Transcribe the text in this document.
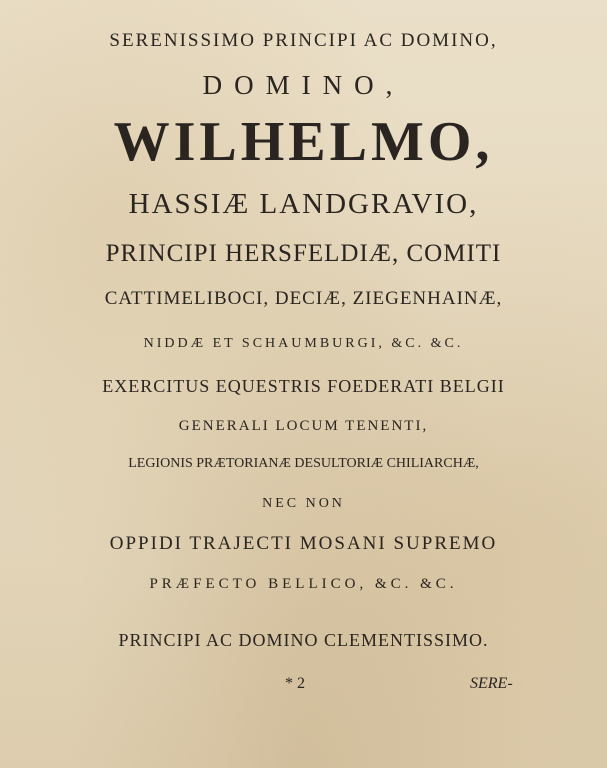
SERENISSIMO PRINCIPI AC DOMINO,
DOMINO,
WILHELMO,
HASSIÆ LANDGRAVIO,
PRINCIPI HERSFELDIÆ, COMITI
CATTIMELIBOCI, DECIÆ, ZIEGENHAINÆ,
NIDDÆ ET SCHAUMBURGI, &C. &C.
EXERCITUS EQUESTRIS FOEDERATI BELGII
GENERALI LOCUM TENENTI,
LEGIONIS PRÆTORIANÆ DESULTORIÆ CHILIARCHÆ,
NEC NON
OPPIDI TRAJECTI MOSANI SUPREMO
PRÆFECTO BELLICO, &C. &C.
PRINCIPI AC DOMINO CLEMENTISSIMO.
* 2	SERE-
